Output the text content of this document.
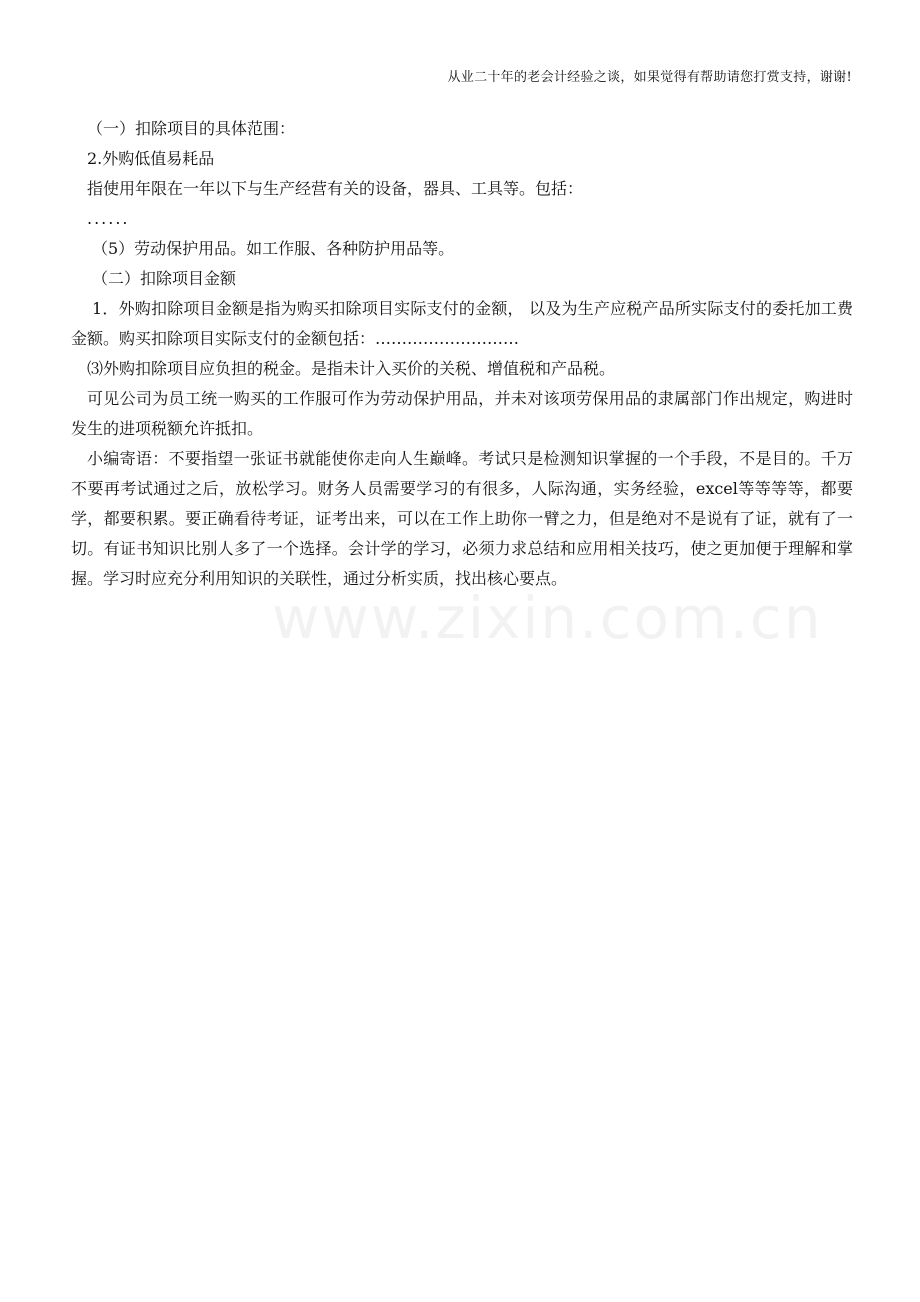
从业二十年的老会计经验之谈，如果觉得有帮助请您打赏支持，谢谢!
www.zixin.com.cn

（一）扣除项目的具体范围：

2.外购低值易耗品

指使用年限在一年以下与生产经营有关的设备，器具、工具等。包括：

......

（5）劳动保护用品。如工作服、各种防护用品等。

（二）扣除项目金额

1．外购扣除项目金额是指为购买扣除项目实际支付的金额， 以及为生产应税产品所实际支付的委托加工费金额。购买扣除项目实际支付的金额包括：………………………

⑶外购扣除项目应负担的税金。是指未计入买价的关税、增值税和产品税。

可见公司为员工统一购买的工作服可作为劳动保护用品，并未对该项劳保用品的隶属部门作出规定，购进时发生的进项税额允许抵扣。

小编寄语：不要指望一张证书就能使你走向人生巅峰。考试只是检测知识掌握的一个手段，不是目的。千万不要再考试通过之后，放松学习。财务人员需要学习的有很多，人际沟通，实务经验，excel等等等等，都要学，都要积累。要正确看待考证，证考出来，可以在工作上助你一臂之力，但是绝对不是说有了证，就有了一切。有证书知识比别人多了一个选择。会计学的学习，必须力求总结和应用相关技巧，使之更加便于理解和掌握。学习时应充分利用知识的关联性，通过分析实质，找出核心要点。
